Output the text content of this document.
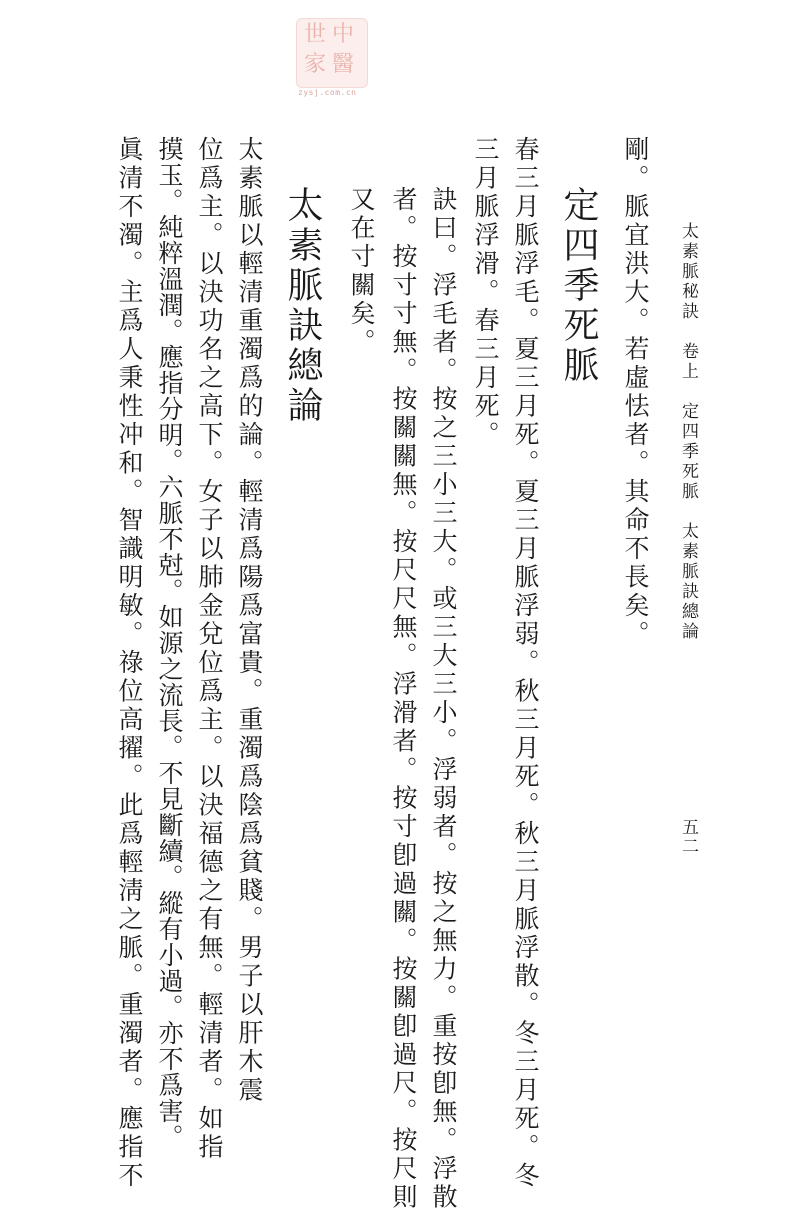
中
醫
世
家
zysj.com.cn
太素脈秘訣　卷上　定四季死脈　太素脈訣總論
五二
剛。脈宜洪大。若虛怯者。其命不長矣。
定四季死脈
春三月脈浮毛。夏三月死。夏三月脈浮弱。秋三月死。秋三月脈浮散。冬三月死。冬
三月脈浮滑。春三月死。
訣曰。浮毛者。按之三小三大。或三大三小。浮弱者。按之無力。重按卽無。浮散
者。按寸寸無。按關關無。按尺尺無。浮滑者。按寸卽過關。按關卽過尺。按尺則
又在寸關矣。
太素脈訣總論
太素脈以輕清重濁爲的論。輕清爲陽爲富貴。重濁爲陰爲貧賤。男子以肝木震
位爲主。以決功名之高下。女子以肺金兌位爲主。以決福德之有無。輕清者。如指
摸玉。純粹溫潤。應指分明。六脈不尅。如源之流長。不見斷續。縱有小過。亦不爲害。
眞清不濁。主爲人秉性冲和。智識明敏。祿位高擢。此爲輕淸之脈。重濁者。應指不
